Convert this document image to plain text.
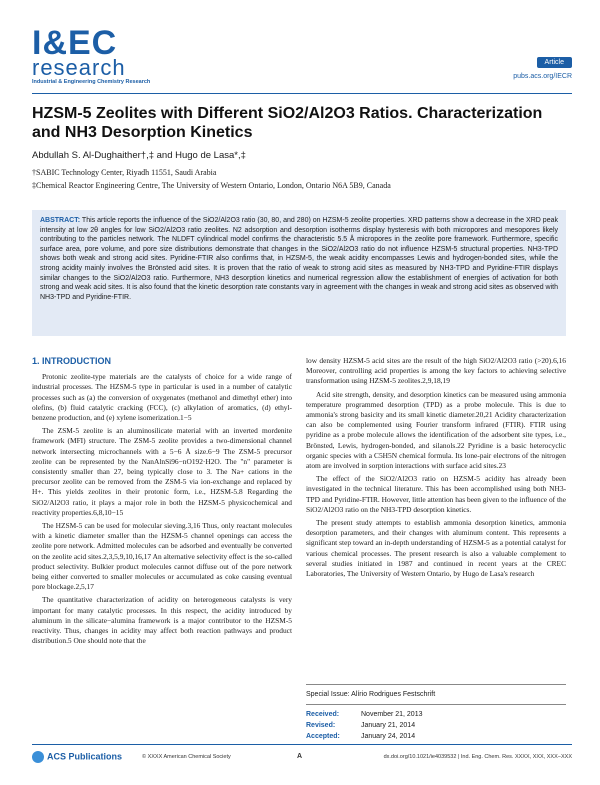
I&EC
research
Industrial & Engineering Chemistry Research
Article
pubs.acs.org/IECR
HZSM-5 Zeolites with Different SiO2/Al2O3 Ratios. Characterization and NH3 Desorption Kinetics
Abdullah S. Al-Dughaither†,‡ and Hugo de Lasa*,‡
†SABIC Technology Center, Riyadh 11551, Saudi Arabia
‡Chemical Reactor Engineering Centre, The University of Western Ontario, London, Ontario N6A 5B9, Canada
ABSTRACT: This article reports the influence of the SiO2/Al2O3 ratio (30, 80, and 280) on HZSM-5 zeolite properties. XRD patterns show a decrease in the XRD peak intensity at low 2θ angles for low SiO2/Al2O3 ratio zeolites. N2 adsorption and desorption isotherms display hysteresis with both micropores and mesopores likely contributing to the particles network. The NLDFT cylindrical model confirms the characteristic 5.5 Å micropores in the zeolite pore framework. Furthermore, specific surface area, pore volume, and pore size distributions demonstrate that changes in the SiO2/Al2O3 ratio do not influence HZSM-5 structural properties. NH3-TPD shows both weak and strong acid sites. Pyridine-FTIR also confirms that, in HZSM-5, the weak acidity encompasses Lewis and hydrogen-bonded sites, while the strong acidity mainly involves the Brönsted acid sites. It is proven that the ratio of weak to strong acid sites as measured by NH3-TPD and Pyridine-FTIR displays similar changes to the SiO2/Al2O3 ratio. Furthermore, NH3 desorption kinetics and numerical regression allow the establishment of energies of activation for both strong and weak acid sites. It is also found that the kinetic desorption rate constants vary in agreement with the changes in weak and strong acid sites as observed with NH3-TPD and Pyridine-FTIR.
1. INTRODUCTION

Protonic zeolite-type materials are the catalysts of choice for a wide range of industrial processes. The HZSM-5 type in particular is used in a number of catalytic processes such as (a) the conversion of oxygenates (methanol and dimethyl ether) into olefins, (b) fluid catalytic cracking (FCC), (c) alkylation of aromatics, (d) ethyl-benzene production, and (e) xylene isomerization.1−5

The ZSM-5 zeolite is an aluminosilicate material with an inverted mordenite framework (MFI) structure. The ZSM-5 zeolite provides a two-dimensional channel network intersecting microchannels with a 5−6 Å size.6−9 The ZSM-5 precursor zeolite can be represented by the NanAlnSi96−nO192·H2O. The "n" parameter is consistently smaller than 27, being typically close to 3. The Na+ cations in the precursor zeolite can be removed from the ZSM-5 via ion-exchange and replaced by H+. This yields zeolites in their protonic form, i.e., HZSM-5.8 Regarding the SiO2/Al2O3 ratio, it plays a major role in both the HZSM-5 physicochemical and reactivity properties.6,8,10−15

The HZSM-5 can be used for molecular sieving.3,16 Thus, only reactant molecules with a kinetic diameter smaller than the HZSM-5 channel openings can access the zeolite pore network. Admitted molecules can be adsorbed and eventually be converted on the zeolite acid sites.2,3,5,9,10,16,17 An alternative selectivity effect is the so-called product selectivity. Bulkier product molecules cannot diffuse out of the pore network being either converted to smaller molecules or accumulated as coke causing eventual pore blockage.2,5,17

The quantitative characterization of acidity on heterogeneous catalysts is very important for many catalytic processes. In this respect, the acidity introduced by aluminum in the silicate−alumina framework is a major contributor to the HZSM-5 reactivity. Thus, changes in acidity may affect both reaction pathways and product distribution.5 One should note that the

low density HZSM-5 acid sites are the result of the high SiO2/Al2O3 ratio (>20).6,16 Moreover, controlling acid properties is among the key factors to achieving selective transformation using HZSM-5 zeolites.2,9,18,19

Acid site strength, density, and desorption kinetics can be measured using ammonia temperature programmed desorption (TPD) as a probe molecule. This is due to ammonia's strong basicity and its small kinetic diameter.20,21 Acidity characterization can also be complemented using Fourier transform infrared (FTIR). FTIR using pyridine as a probe molecule allows the identification of the adsorbent site types, i.e., Brönsted, Lewis, hydrogen-bonded, and silanols.22 Pyridine is a basic heterocyclic organic species with a C5H5N chemical formula. Its lone-pair electrons of the nitrogen atom are involved in sorption interactions with surface acid sites.23

The effect of the SiO2/Al2O3 ratio on HZSM-5 acidity has already been investigated in the technical literature. This has been accomplished using both NH3-TPD and Pyridine-FTIR. However, little attention has been given to the influence of the SiO2/Al2O3 ratio on the NH3-TPD desorption kinetics.

The present study attempts to establish ammonia desorption kinetics, ammonia desorption parameters, and their changes with aluminum content. This represents a significant step toward an in-depth understanding of HZSM-5 as a potential catalyst for various chemical processes. The present research is also a valuable complement to several studies initiated in 1987 and continued in recent years at the CREC Laboratories, The University of Western Ontario, by Hugo de Lasa's research

Special Issue: Alírio Rodrigues Festschrift
Received:	November 21, 2013
Revised:	January 21, 2014
Accepted:	January 24, 2014
ACS Publications	© XXXX American Chemical Society	A	dx.doi.org/10.1021/ie4039532 | Ind. Eng. Chem. Res. XXXX, XXX, XXX−XXX
